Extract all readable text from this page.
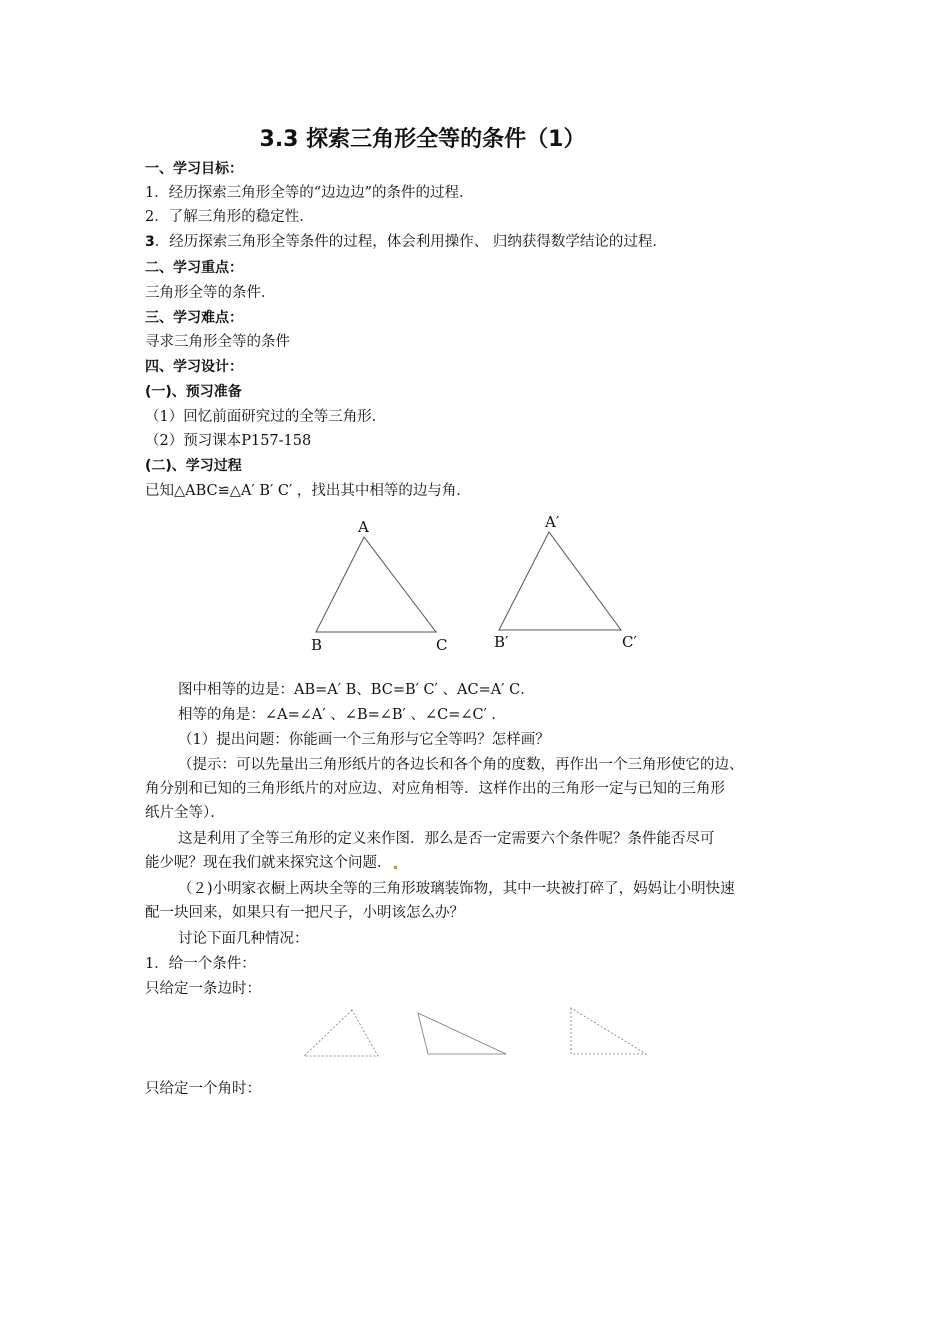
3.3 探索三角形全等的条件（1）
一、学习目标：
1．经历探索三角形全等的“边边边”的条件的过程．
2．了解三角形的稳定性．
3．经历探索三角形全等条件的过程，体会利用操作、 归纳获得数学结论的过程．
二、学习重点：
三角形全等的条件．
三、学习难点：
寻求三角形全等的条件
四、学习设计：
(一)、预习准备
（1）回忆前面研究过的全等三角形．
（2）预习课本P157-158
(二)、学习过程
已知△ABC≌△A′ B′ C′ ，找出其中相等的边与角．
A
B	C
A′
B′	C′
图中相等的边是：AB=A′ B、BC=B′ C′ 、AC=A′ C．
相等的角是：∠A=∠A′ 、∠B=∠B′ 、∠C=∠C′ ．
（1）提出问题：你能画一个三角形与它全等吗？怎样画？
（提示：可以先量出三角形纸片的各边长和各个角的度数，再作出一个三角形使它的边、
角分别和已知的三角形纸片的对应边、对应角相等．这样作出的三角形一定与已知的三角形
纸片全等）．
这是利用了全等三角形的定义来作图．那么是否一定需要六个条件呢？条件能否尽可
能少呢？现在我们就来探究这个问题．
（２)小明家衣橱上两块全等的三角形玻璃装饰物，其中一块被打碎了，妈妈让小明快速
配一块回来，如果只有一把尺子，小明该怎么办？
讨论下面几种情况：
1．给一个条件：
只给定一条边时：
只给定一个角时：
